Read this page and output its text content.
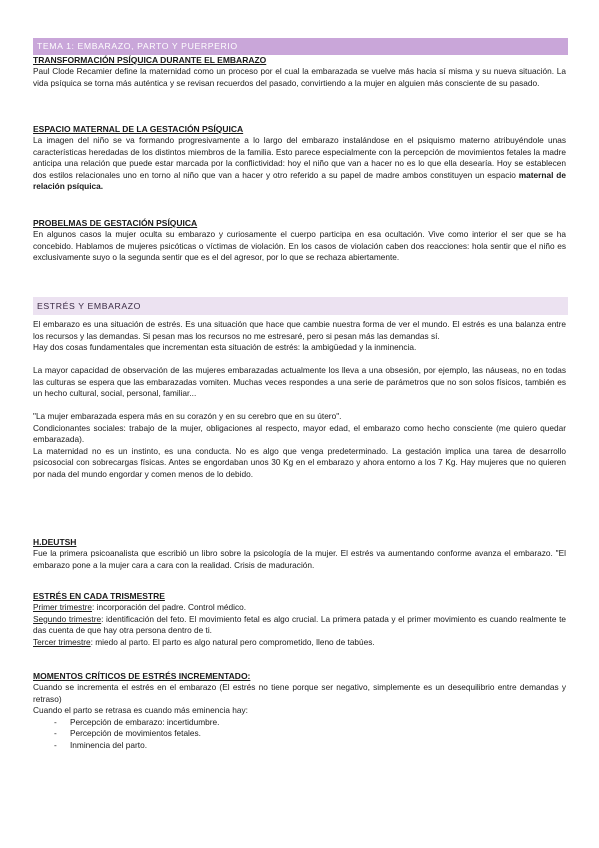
TEMA 1: EMBARAZO, PARTO Y PUERPERIO
TRANSFORMACIÓN PSÍQUICA DURANTE EL EMBARAZO

Paul Clode Recamier define la maternidad como un proceso por el cual la embarazada se vuelve más hacia sí misma y su nueva situación. La vida psíquica se torna más auténtica y se revisan recuerdos del pasado, convirtiendo a la mujer en alguien más consciente de su pasado.

ESPACIO MATERNAL DE LA GESTACIÓN PSÍQUICA

La imagen del niño se va formando progresivamente a lo largo del embarazo instalándose en el psiquismo materno atribuyéndole unas características heredadas de los distintos miembros de la familia. Esto parece especialmente con la percepción de movimientos fetales la madre anticipa una relación que puede estar marcada por la conflictividad: hoy el niño que van a hacer no es lo que ella desearía. Hoy se establecen dos estilos relacionales uno en torno al niño que van a hacer y otro referido a su papel de madre ambos constituyen un espacio maternal de relación psíquica.

PROBELMAS DE GESTACIÓN PSÍQUICA

En algunos casos la mujer oculta su embarazo y curiosamente el cuerpo participa en esa ocultación. Vive como interior el ser que se ha concebido. Hablamos de mujeres psicóticas o víctimas de violación. En los casos de violación caben dos reacciones: hola sentir que el niño es exclusivamente suyo o la segunda sentir que es el del agresor, por lo que se rechaza abiertamente.

ESTRÉS Y EMBARAZO

El embarazo es una situación de estrés. Es una situación que hace que cambie nuestra forma de ver el mundo. El estrés es una balanza entre los recursos y las demandas. Si pesan mas los recursos no me estresaré, pero si pesan más las demandas sí.

Hay dos cosas fundamentales que incrementan esta situación de estrés: la ambigüedad y la inminencia.

La mayor capacidad de observación de las mujeres embarazadas actualmente los lleva a una obsesión, por ejemplo, las náuseas, no en todas las culturas se espera que las embarazadas vomiten. Muchas veces respondes a una serie de parámetros que no son solos físicos, también es un hecho cultural, social, personal, familiar...

"La mujer embarazada espera más en su corazón y en su cerebro que en su útero".

Condicionantes sociales: trabajo de la mujer, obligaciones al respecto, mayor edad, el embarazo como hecho consciente (me quiero quedar embarazada).

La maternidad no es un instinto, es una conducta. No es algo que venga predeterminado. La gestación implica una tarea de desarrollo psicosocial con sobrecargas físicas. Antes se engordaban unos 30 Kg en el embarazo y ahora entorno a los 7 Kg. Hay mujeres que no quieren por nada del mundo engordar y comen menos de lo debido.

H.DEUTSH

Fue la primera psicoanalista que escribió un libro sobre la psicología de la mujer. El estrés va aumentando conforme avanza el embarazo. "El embarazo pone a la mujer cara a cara con la realidad. Crisis de maduración.

ESTRÉS EN CADA TRISMESTRE

Primer trimestre: incorporación del padre. Control médico.

Segundo trimestre: identificación del feto. El movimiento fetal es algo crucial. La primera patada y el primer movimiento es cuando realmente te das cuenta de que hay otra persona dentro de ti.

Tercer trimestre: miedo al parto. El parto es algo natural pero comprometido, lleno de tabúes.

MOMENTOS CRÍTICOS DE ESTRÉS INCREMENTADO:

Cuando se incrementa el estrés en el embarazo (El estrés no tiene porque ser negativo, simplemente es un desequilibrio entre demandas y retraso)

Cuando el parto se retrasa es cuando más eminencia hay:

- Percepción de embarazo: incertidumbre.
- Percepción de movimientos fetales.
- Inminencia del parto.
